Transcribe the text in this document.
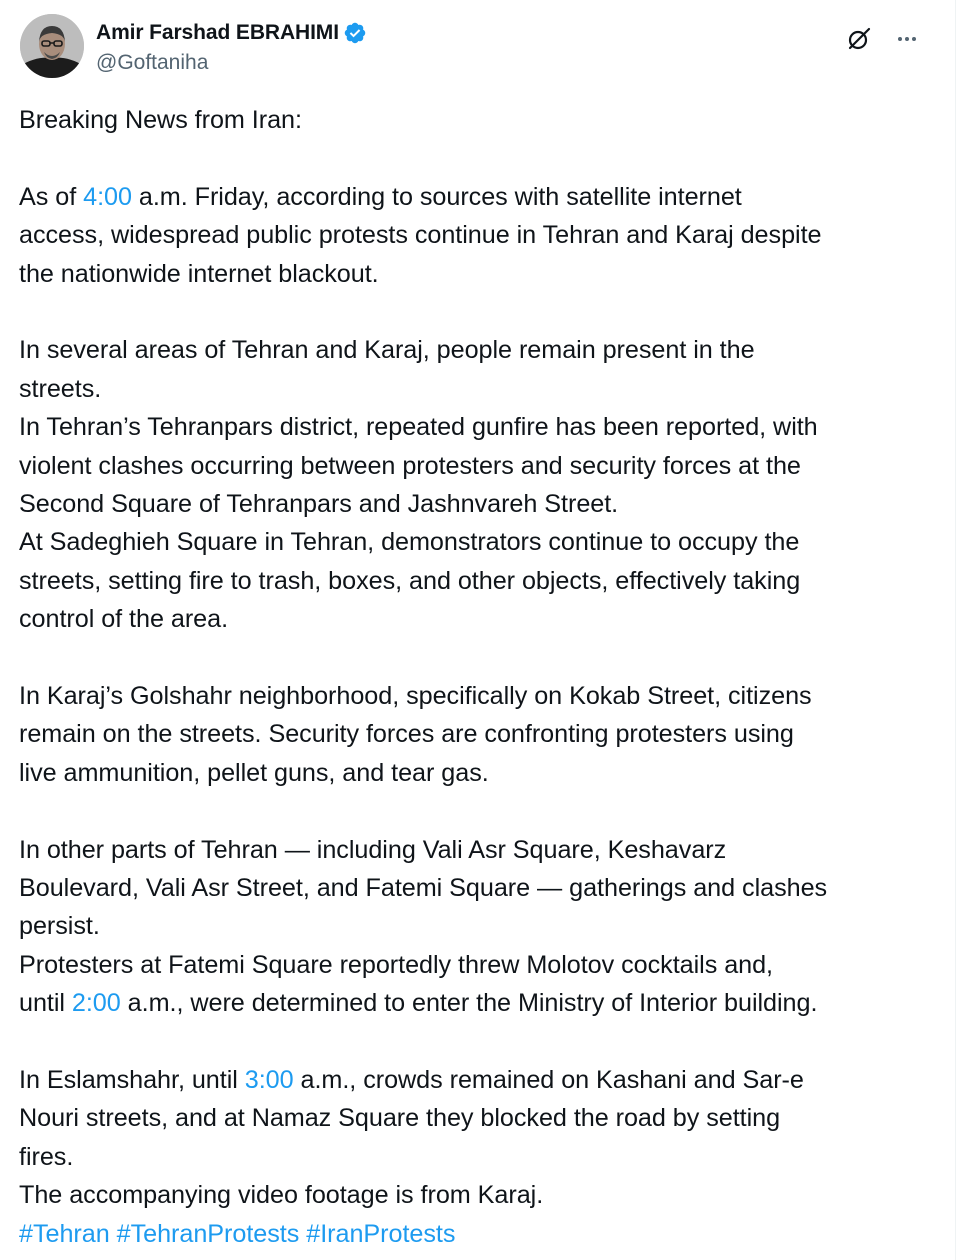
Amir Farshad EBRAHIMI
@Goftaniha

Breaking News from Iran:

As of 4:00 a.m. Friday, according to sources with satellite internet

access, widespread public protests continue in Tehran and Karaj despite

the nationwide internet blackout.

In several areas of Tehran and Karaj, people remain present in the

streets.

In Tehran’s Tehranpars district, repeated gunfire has been reported, with

violent clashes occurring between protesters and security forces at the

Second Square of Tehranpars and Jashnvareh Street.

At Sadeghieh Square in Tehran, demonstrators continue to occupy the

streets, setting fire to trash, boxes, and other objects, effectively taking

control of the area.

In Karaj’s Golshahr neighborhood, specifically on Kokab Street, citizens

remain on the streets. Security forces are confronting protesters using

live ammunition, pellet guns, and tear gas.

In other parts of Tehran — including Vali Asr Square, Keshavarz

Boulevard, Vali Asr Street, and Fatemi Square — gatherings and clashes

persist.

Protesters at Fatemi Square reportedly threw Molotov cocktails and,

until 2:00 a.m., were determined to enter the Ministry of Interior building.

In Eslamshahr, until 3:00 a.m., crowds remained on Kashani and Sar-e

Nouri streets, and at Namaz Square they blocked the road by setting

fires.

The accompanying video footage is from Karaj.

#Tehran #TehranProtests #IranProtests
